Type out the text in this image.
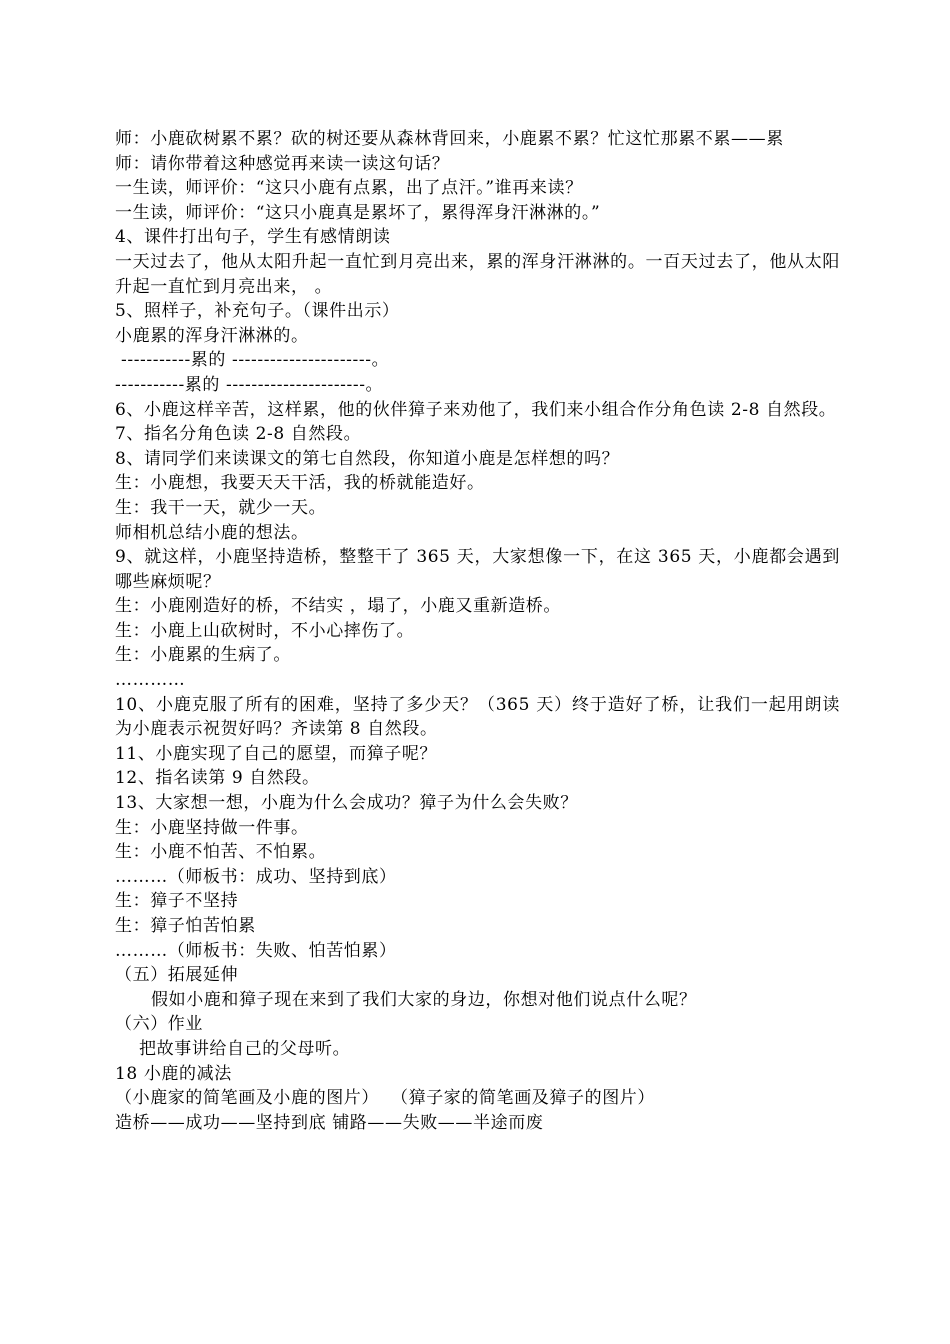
师：小鹿砍树累不累？砍的树还要从森林背回来，小鹿累不累？忙这忙那累不累——累
师：请你带着这种感觉再来读一读这句话？
一生读，师评价：“这只小鹿有点累，出了点汗。”谁再来读？
一生读，师评价：“这只小鹿真是累坏了，累得浑身汗淋淋的。”
4、课件打出句子，学生有感情朗读
一天过去了，他从太阳升起一直忙到月亮出来，累的浑身汗淋淋的。一百天过去了，他从太阳升起一直忙到月亮出来， 。
5、照样子，补充句子。（课件出示）
小鹿累的浑身汗淋淋的。
-----------累的 ----------------------。
-----------累的 ----------------------。
6、小鹿这样辛苦，这样累，他的伙伴獐子来劝他了，我们来小组合作分角色读 2-8 自然段。
7、指名分角色读 2-8 自然段。
8、请同学们来读课文的第七自然段，你知道小鹿是怎样想的吗？
生：小鹿想，我要天天干活，我的桥就能造好。
生：我干一天，就少一天。
师相机总结小鹿的想法。
9、就这样，小鹿坚持造桥，整整干了 365 天，大家想像一下，在这 365 天，小鹿都会遇到哪些麻烦呢？
生：小鹿刚造好的桥，不结实 ，塌了，小鹿又重新造桥。
生：小鹿上山砍树时，不小心摔伤了。
生：小鹿累的生病了。
…………
10、小鹿克服了所有的困难，坚持了多少天？（365 天）终于造好了桥，让我们一起用朗读为小鹿表示祝贺好吗？齐读第 8 自然段。
11、小鹿实现了自己的愿望，而獐子呢？
12、指名读第 9 自然段。
13、大家想一想，小鹿为什么会成功？獐子为什么会失败？
生：小鹿坚持做一件事。
生：小鹿不怕苦、不怕累。
………（师板书：成功、坚持到底）
生：獐子不坚持
生：獐子怕苦怕累
………（师板书：失败、怕苦怕累）
（五）拓展延伸
假如小鹿和獐子现在来到了我们大家的身边，你想对他们说点什么呢？
（六）作业
把故事讲给自己的父母听。
18 小鹿的减法
（小鹿家的简笔画及小鹿的图片）  （獐子家的简笔画及獐子的图片）
造桥——成功——坚持到底 铺路——失败——半途而废
